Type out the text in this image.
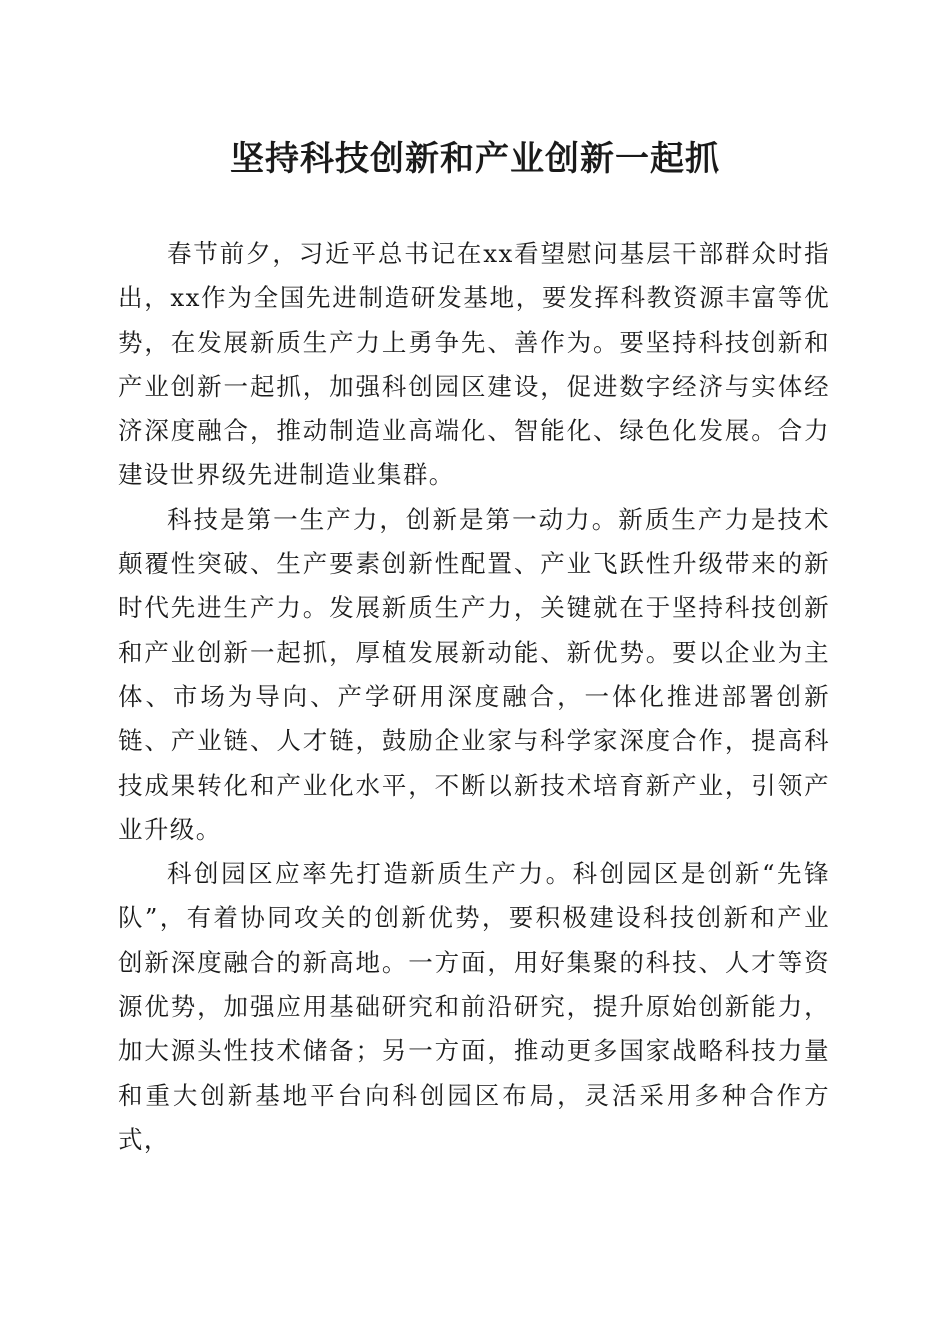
坚持科技创新和产业创新一起抓

春节前夕，习近平总书记在xx看望慰问基层干部群众时指出，xx作为全国先进制造研发基地，要发挥科教资源丰富等优势，在发展新质生产力上勇争先、善作为。要坚持科技创新和产业创新一起抓，加强科创园区建设，促进数字经济与实体经济深度融合，推动制造业高端化、智能化、绿色化发展。合力建设世界级先进制造业集群。

科技是第一生产力，创新是第一动力。新质生产力是技术颠覆性突破、生产要素创新性配置、产业飞跃性升级带来的新时代先进生产力。发展新质生产力，关键就在于坚持科技创新和产业创新一起抓，厚植发展新动能、新优势。要以企业为主体、市场为导向、产学研用深度融合，一体化推进部署创新链、产业链、人才链，鼓励企业家与科学家深度合作，提高科技成果转化和产业化水平，不断以新技术培育新产业，引领产业升级。

科创园区应率先打造新质生产力。科创园区是创新“先锋队”，有着协同攻关的创新优势，要积极建设科技创新和产业创新深度融合的新高地。一方面，用好集聚的科技、人才等资源优势，加强应用基础研究和前沿研究，提升原始创新能力，加大源头性技术储备；另一方面，推动更多国家战略科技力量和重大创新基地平台向科创园区布局，灵活采用多种合作方式，
